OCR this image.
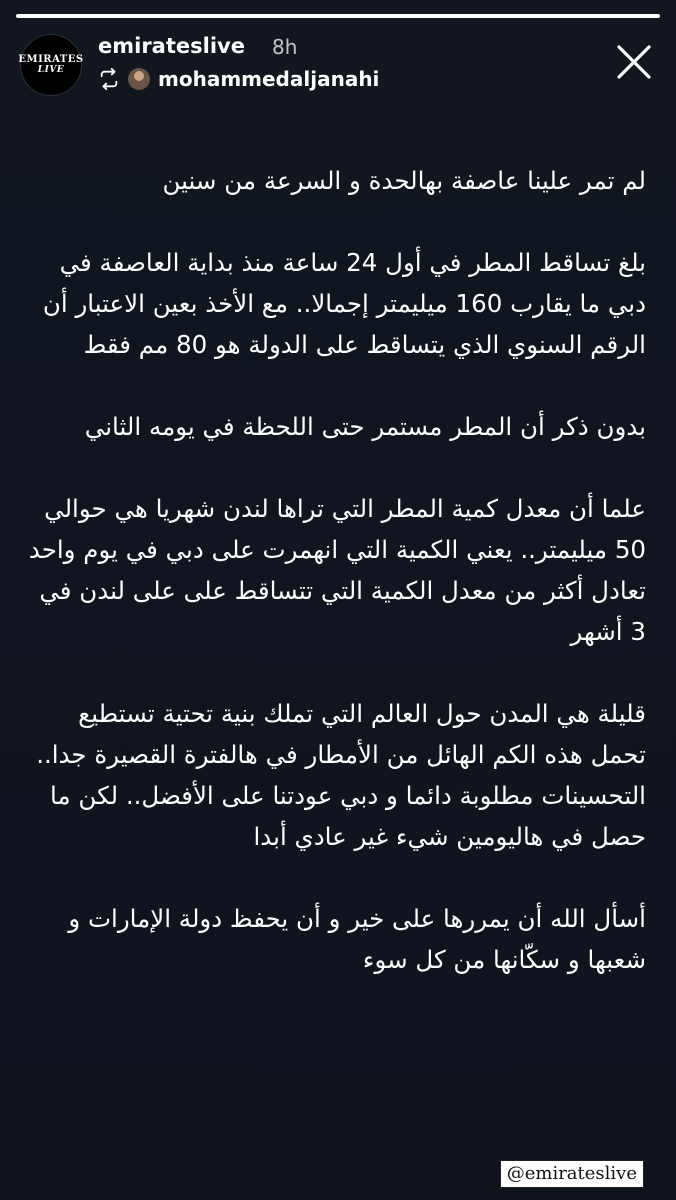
EMIRATES
LIVE
emirateslive 8h
mohammedaljanahi

لم تمر علينا عاصفة بهالحدة و السرعة من سنين

بلغ تساقط المطر في أول 24 ساعة منذ بداية العاصفة في دبي ما يقارب 160 ميليمتر إجمالا.. مع الأخذ بعين الاعتبار أن الرقم السنوي الذي يتساقط على الدولة هو 80 مم فقط

بدون ذكر أن المطر مستمر حتى اللحظة في يومه الثاني

علما أن معدل كمية المطر التي تراها لندن شهريا هي حوالي 50 ميليمتر.. يعني الكمية التي انهمرت على دبي في يوم واحد تعادل أكثر من معدل الكمية التي تتساقط على على لندن في 3 أشهر

قليلة هي المدن حول العالم التي تملك بنية تحتية تستطيع تحمل هذه الكم الهائل من الأمطار في هالفترة القصيرة جدا.. التحسينات مطلوبة دائما و دبي عودتنا على الأفضل.. لكن ما حصل في هاليومين شيء غير عادي أبدا

أسأل الله أن يمررها على خير و أن يحفظ دولة الإمارات و شعبها و سكّانها من كل سوء

@emirateslive
